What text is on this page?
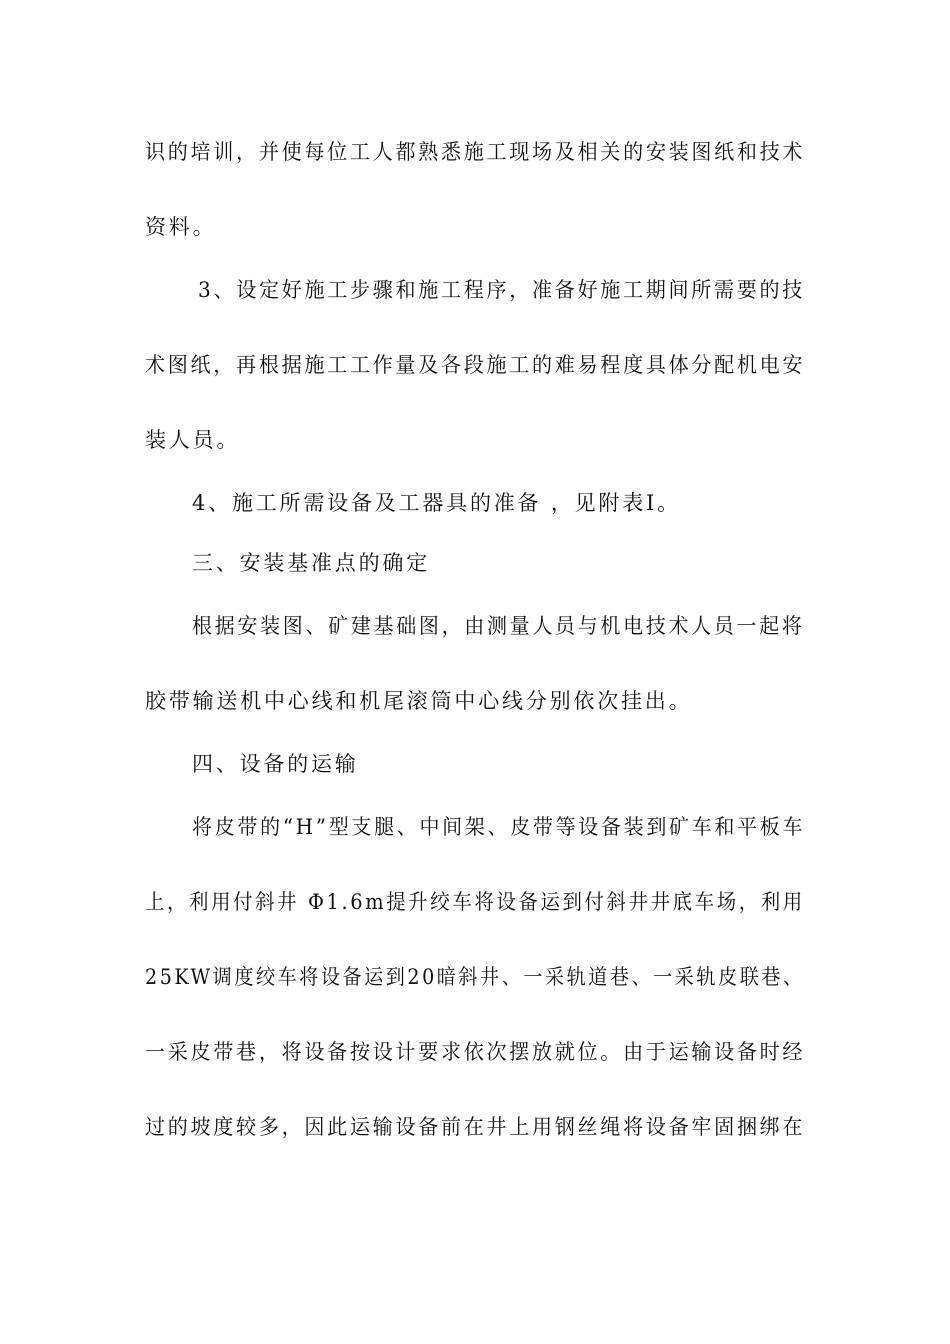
识的培训，并使每位工人都熟悉施工现场及相关的安装图纸和技术
资料。
3、设定好施工步骤和施工程序，准备好施工期间所需要的技
术图纸，再根据施工工作量及各段施工的难易程度具体分配机电安
装人员。
4、施工所需设备及工器具的准备 ，见附表Ⅰ。
三、安装基准点的确定
根据安装图、矿建基础图，由测量人员与机电技术人员一起将
胶带输送机中心线和机尾滚筒中心线分别依次挂出。
四、设备的运输
将皮带的“H”型支腿、中间架、皮带等设备装到矿车和平板车
上，利用付斜井 Φ1.6m提升绞车将设备运到付斜井井底车场，利用
25KW调度绞车将设备运到20暗斜井、一采轨道巷、一采轨皮联巷、
一采皮带巷，将设备按设计要求依次摆放就位。由于运输设备时经
过的坡度较多，因此运输设备前在井上用钢丝绳将设备牢固捆绑在
